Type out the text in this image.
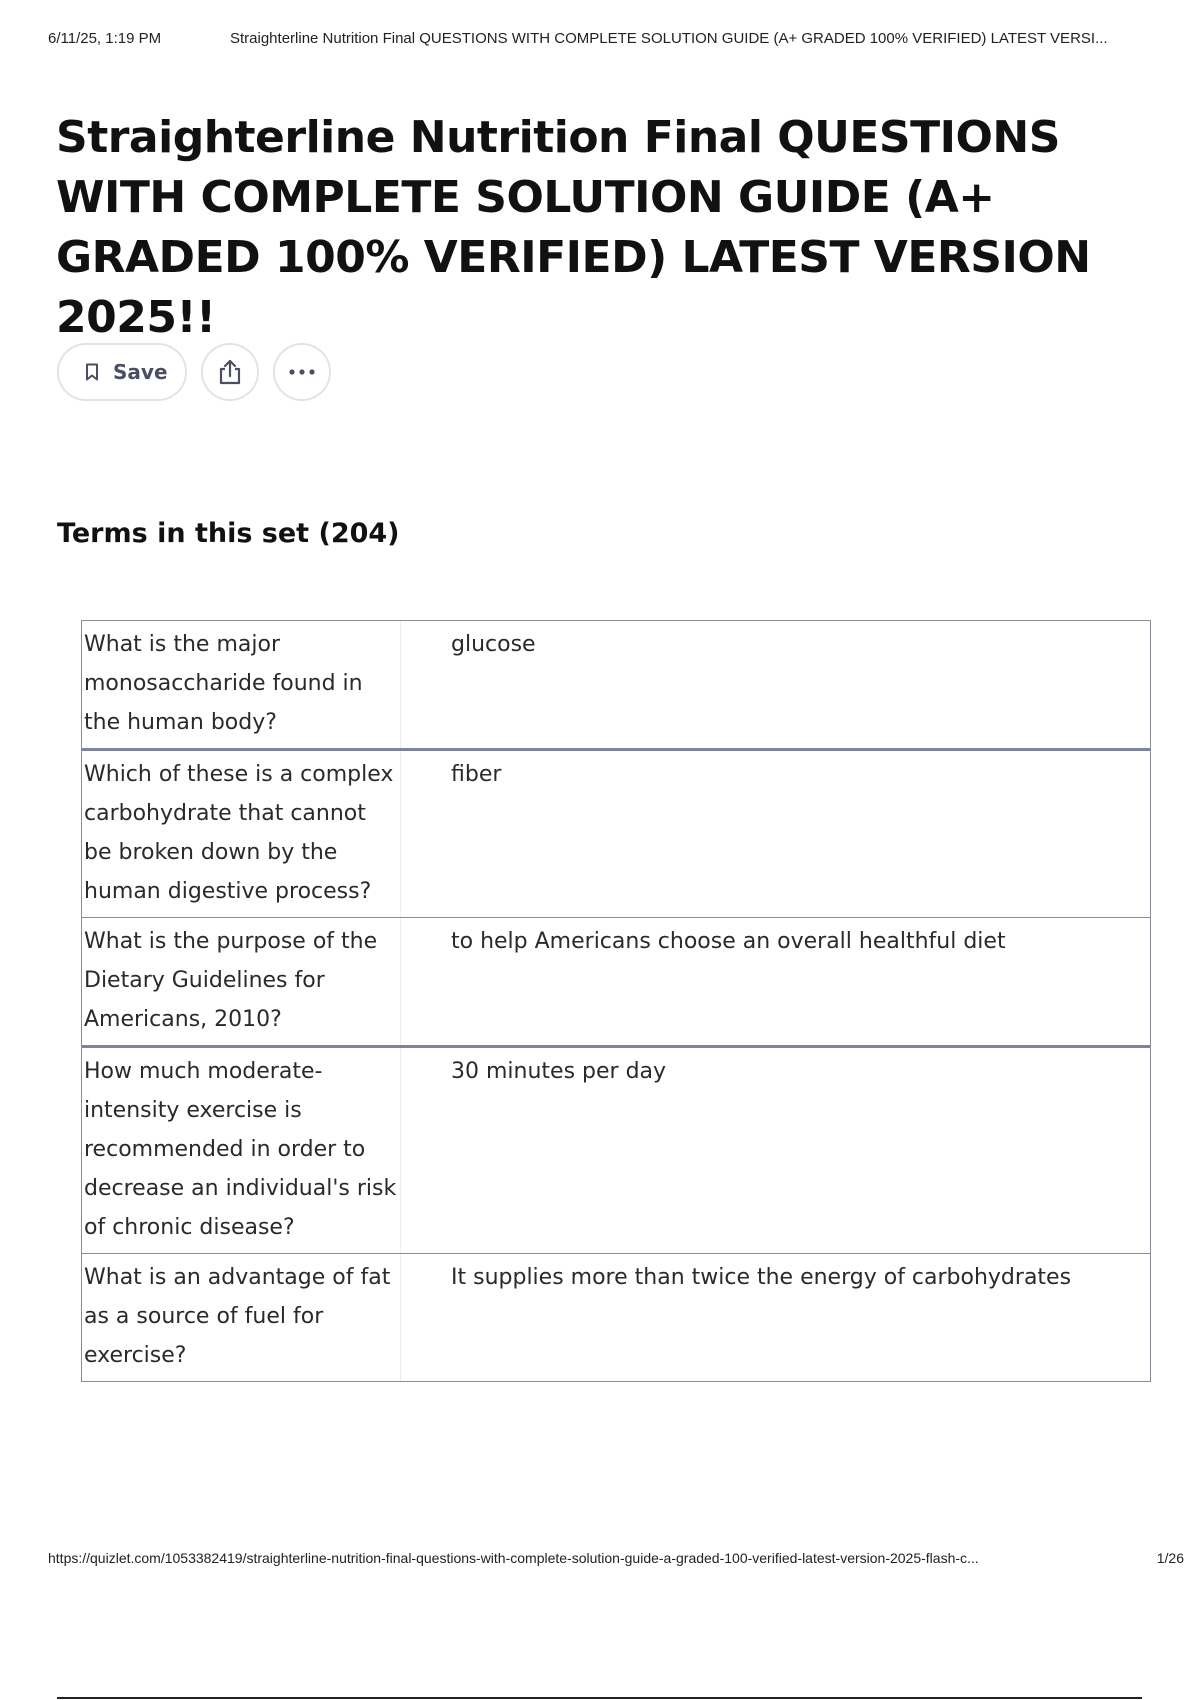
6/11/25, 1:19 PM	Straighterline Nutrition Final QUESTIONS WITH COMPLETE SOLUTION GUIDE (A+ GRADED 100% VERIFIED) LATEST VERSI...
Straighterline Nutrition Final QUESTIONS WITH COMPLETE SOLUTION GUIDE (A+ GRADED 100% VERIFIED) LATEST VERSION 2025!!
Save
Terms in this set (204)
What is the major monosaccharide found in the human body?
glucose
Which of these is a complex carbohydrate that cannot be broken down by the human digestive process?
fiber
What is the purpose of the Dietary Guidelines for Americans, 2010?
to help Americans choose an overall healthful diet
How much moderate-intensity exercise is recommended in order to decrease an individual's risk of chronic disease?
30 minutes per day
What is an advantage of fat as a source of fuel for exercise?
It supplies more than twice the energy of carbohydrates
https://quizlet.com/1053382419/straighterline-nutrition-final-questions-with-complete-solution-guide-a-graded-100-verified-latest-version-2025-flash-c...	1/26
